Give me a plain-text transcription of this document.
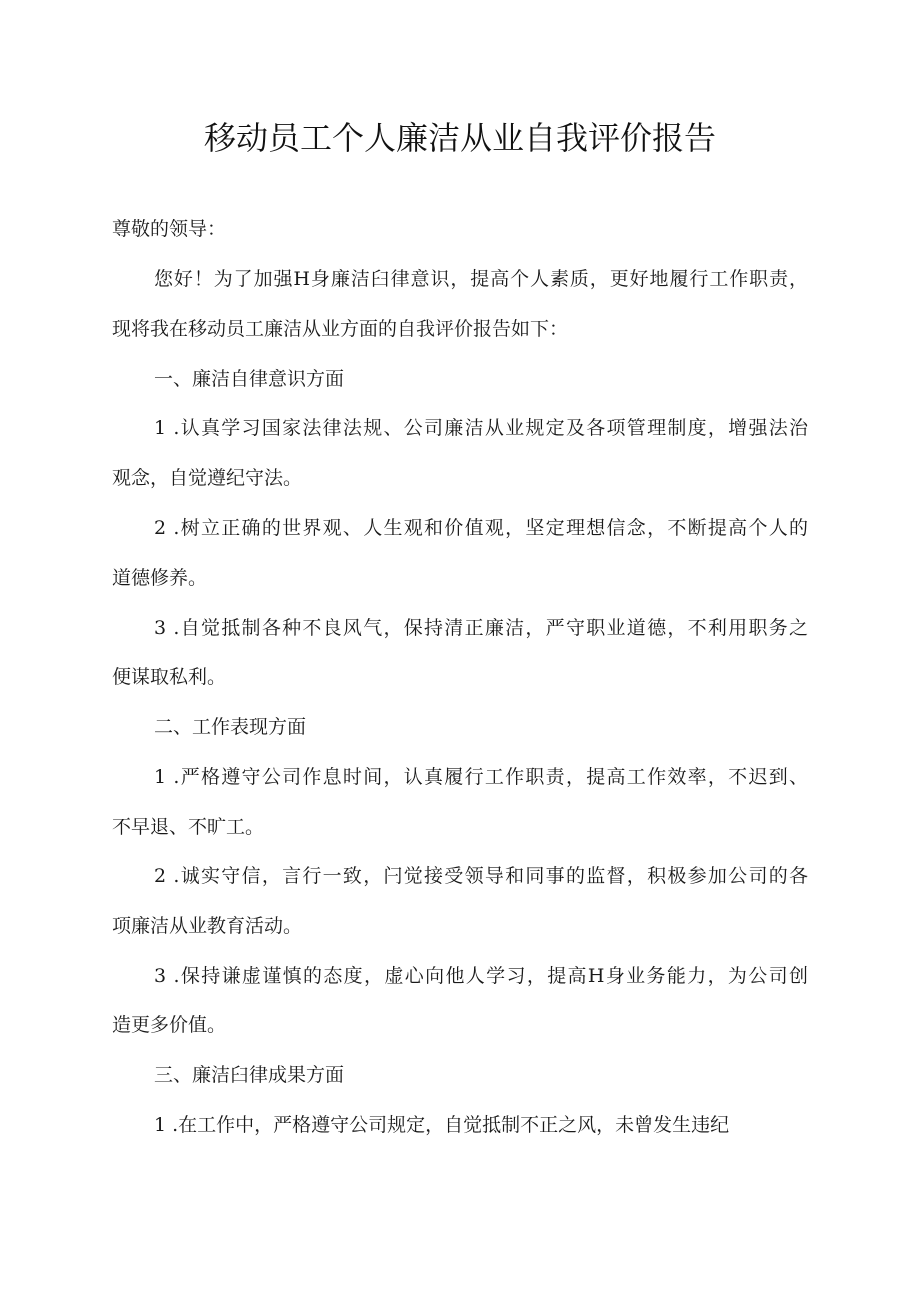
移动员工个人廉洁从业自我评价报告
尊敬的领导：
您好！为了加强H身廉洁臼律意识，提高个人素质，更好地履行工作职责，
现将我在移动员工廉洁从业方面的自我评价报告如下：
一、廉洁自律意识方面
1 .认真学习国家法律法规、公司廉洁从业规定及各项管理制度，增强法治
观念，自觉遵纪守法。
2 .树立正确的世界观、人生观和价值观，坚定理想信念，不断提高个人的
道德修养。
3 .自觉抵制各种不良风气，保持清正廉洁，严守职业道德，不利用职务之
便谋取私利。
二、工作表现方面
1 .严格遵守公司作息时间，认真履行工作职责，提高工作效率，不迟到、
不早退、不旷工。
2 .诚实守信，言行一致，闩觉接受领导和同事的监督，积极参加公司的各
项廉洁从业教育活动。
3 .保持谦虚谨慎的态度，虚心向他人学习，提高H身业务能力，为公司创
造更多价值。
三、廉洁臼律成果方面
1 .在工作中，严格遵守公司规定，自觉抵制不正之风，未曾发生违纪
